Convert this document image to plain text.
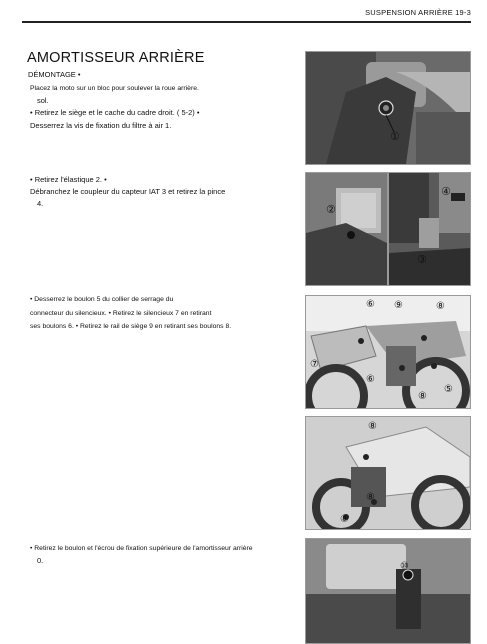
SUSPENSION ARRIÈRE 19-3
AMORTISSEUR ARRIÈRE
DÉMONTAGE •
Placez la moto sur un bloc pour soulever la roue arrière.
sol.
• Retirez le siège et le cache du cadre droit. ( 5-2) •
Desserrez la vis de fixation du filtre à air 1.
①
• Retirez l'élastique 2. •
Débranchez le coupleur du capteur IAT 3 et retirez la pince
4.	②
④
③
• Desserrez le boulon 5 du collier de serrage du
connecteur du silencieux. • Retirez le silencieux 7 en retirant
ses boulons 6. • Retirez le rail de siège 9 en retirant ses boulons 8.
⑥ ⑨	⑧
⑦
⑥
⑤
⑧
⑧
⑧
⑧
• Retirez le boulon et l'écrou de fixation supérieure de l'amortisseur arrière
0.
⑩
